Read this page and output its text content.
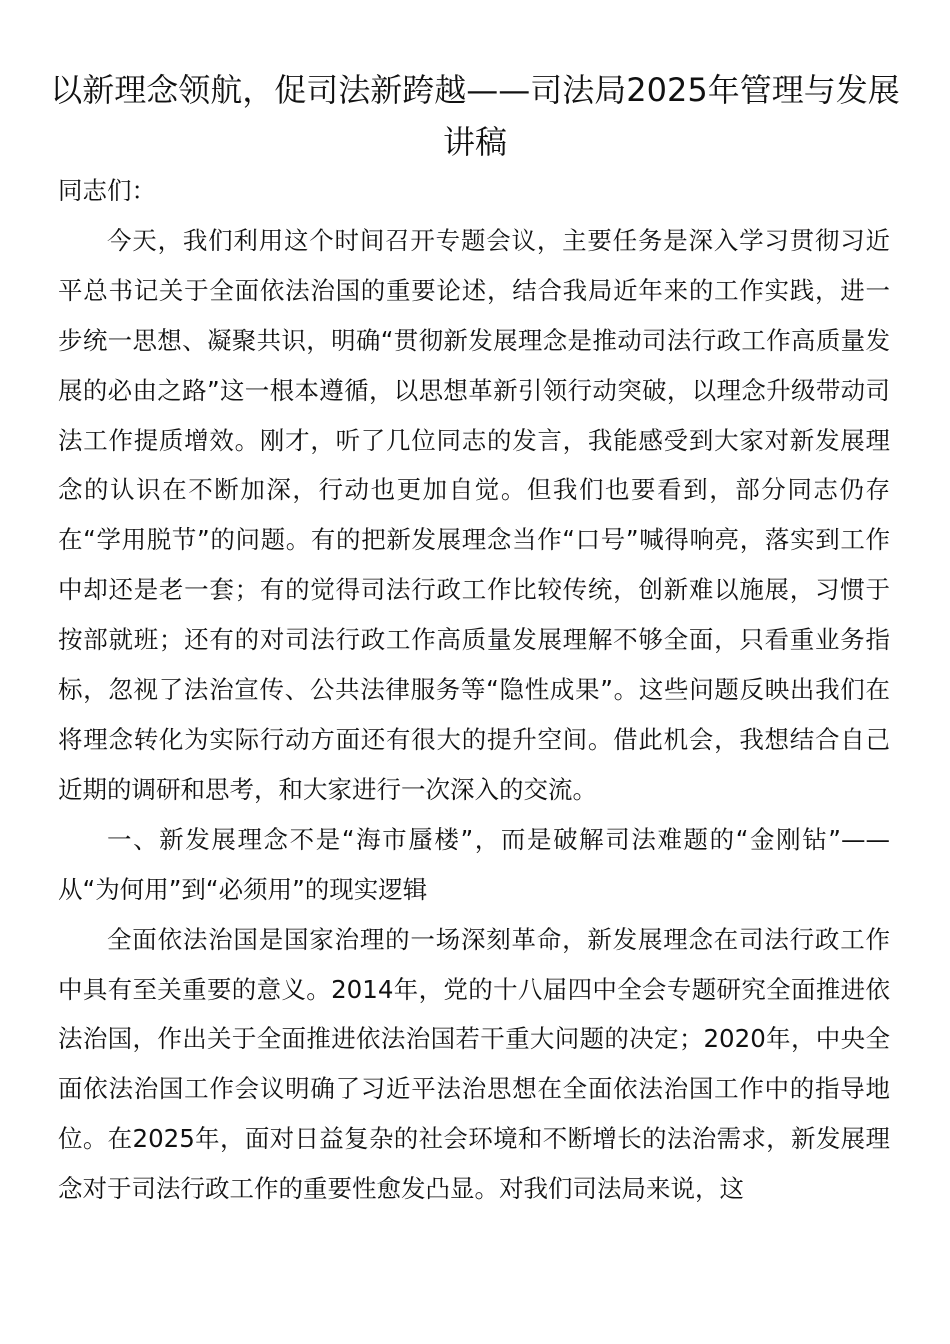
以新理念领航，促司法新跨越——司法局2025年管理与发展讲稿

同志们：

今天，我们利用这个时间召开专题会议，主要任务是深入学习贯彻习近平总书记关于全面依法治国的重要论述，结合我局近年来的工作实践，进一步统一思想、凝聚共识，明确“贯彻新发展理念是推动司法行政工作高质量发展的必由之路”这一根本遵循，以思想革新引领行动突破，以理念升级带动司法工作提质增效。刚才，听了几位同志的发言，我能感受到大家对新发展理念的认识在不断加深，行动也更加自觉。但我们也要看到，部分同志仍存在“学用脱节”的问题。有的把新发展理念当作“口号”喊得响亮，落实到工作中却还是老一套；有的觉得司法行政工作比较传统，创新难以施展，习惯于按部就班；还有的对司法行政工作高质量发展理解不够全面，只看重业务指标，忽视了法治宣传、公共法律服务等“隐性成果”。这些问题反映出我们在将理念转化为实际行动方面还有很大的提升空间。借此机会，我想结合自己近期的调研和思考，和大家进行一次深入的交流。

一、新发展理念不是“海市蜃楼”，而是破解司法难题的“金刚钻”——从“为何用”到“必须用”的现实逻辑

全面依法治国是国家治理的一场深刻革命，新发展理念在司法行政工作中具有至关重要的意义。2014年，党的十八届四中全会专题研究全面推进依法治国，作出关于全面推进依法治国若干重大问题的决定；2020年，中央全面依法治国工作会议明确了习近平法治思想在全面依法治国工作中的指导地位。在2025年，面对日益复杂的社会环境和不断增长的法治需求，新发展理念对于司法行政工作的重要性愈发凸显。对我们司法局来说，这
